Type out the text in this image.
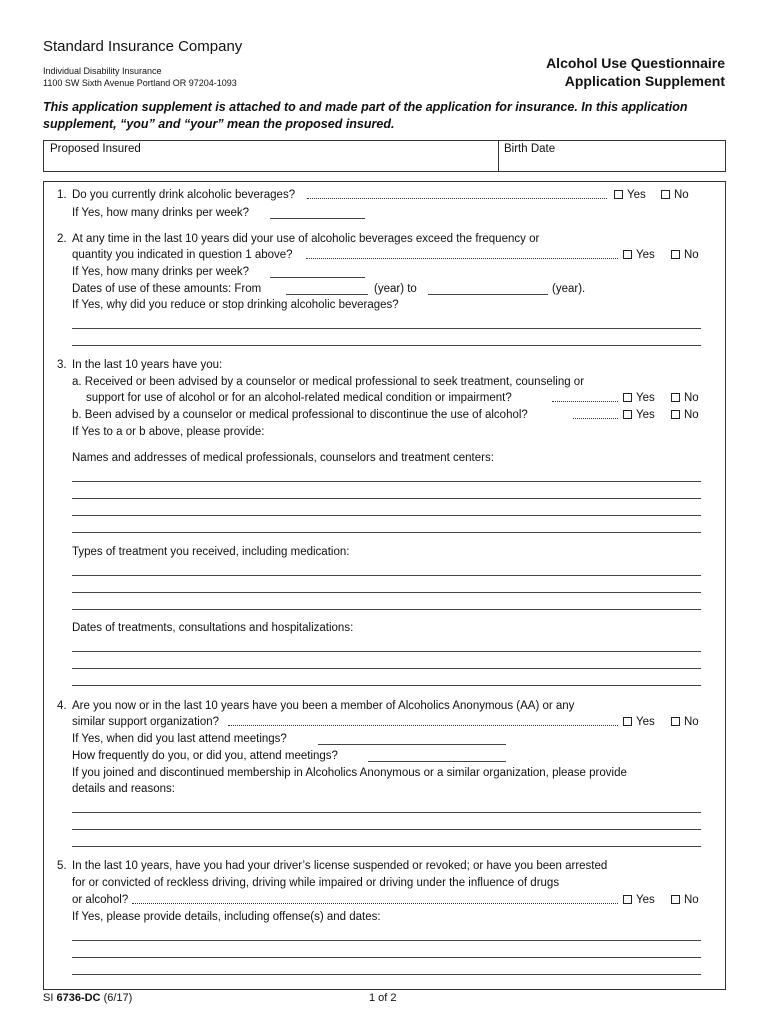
Standard Insurance Company
Individual Disability Insurance
1100 SW Sixth Avenue Portland OR 97204-1093
Alcohol Use Questionnaire
Application Supplement
This application supplement is attached to and made part of the application for insurance. In this application
supplement, “you” and “your” mean the proposed insured.
Proposed Insured	Birth Date
1. Do you currently drink alcoholic beverages?	Yes	No
If Yes, how many drinks per week?
2. At any time in the last 10 years did your use of alcoholic beverages exceed the frequency or
quantity you indicated in question 1 above?	Yes	No
If Yes, how many drinks per week?
Dates of use of these amounts: From	(year) to	(year).
If Yes, why did you reduce or stop drinking alcoholic beverages?
3. In the last 10 years have you:
a. Received or been advised by a counselor or medical professional to seek treatment, counseling or
support for use of alcohol or for an alcohol-related medical condition or impairment?	Yes	No
b. Been advised by a counselor or medical professional to discontinue the use of alcohol?	Yes	No
If Yes to a or b above, please provide:
Names and addresses of medical professionals, counselors and treatment centers:
Types of treatment you received, including medication:
Dates of treatments, consultations and hospitalizations:
4. Are you now or in the last 10 years have you been a member of Alcoholics Anonymous (AA) or any
similar support organization?	Yes	No
If Yes, when did you last attend meetings?
How frequently do you, or did you, attend meetings?
If you joined and discontinued membership in Alcoholics Anonymous or a similar organization, please provide
details and reasons:
5. In the last 10 years, have you had your driver’s license suspended or revoked; or have you been arrested
for or convicted of reckless driving, driving while impaired or driving under the influence of drugs
or alcohol?	Yes	No
If Yes, please provide details, including offense(s) and dates:
SI 6736-DC (6/17)	1 of 2
